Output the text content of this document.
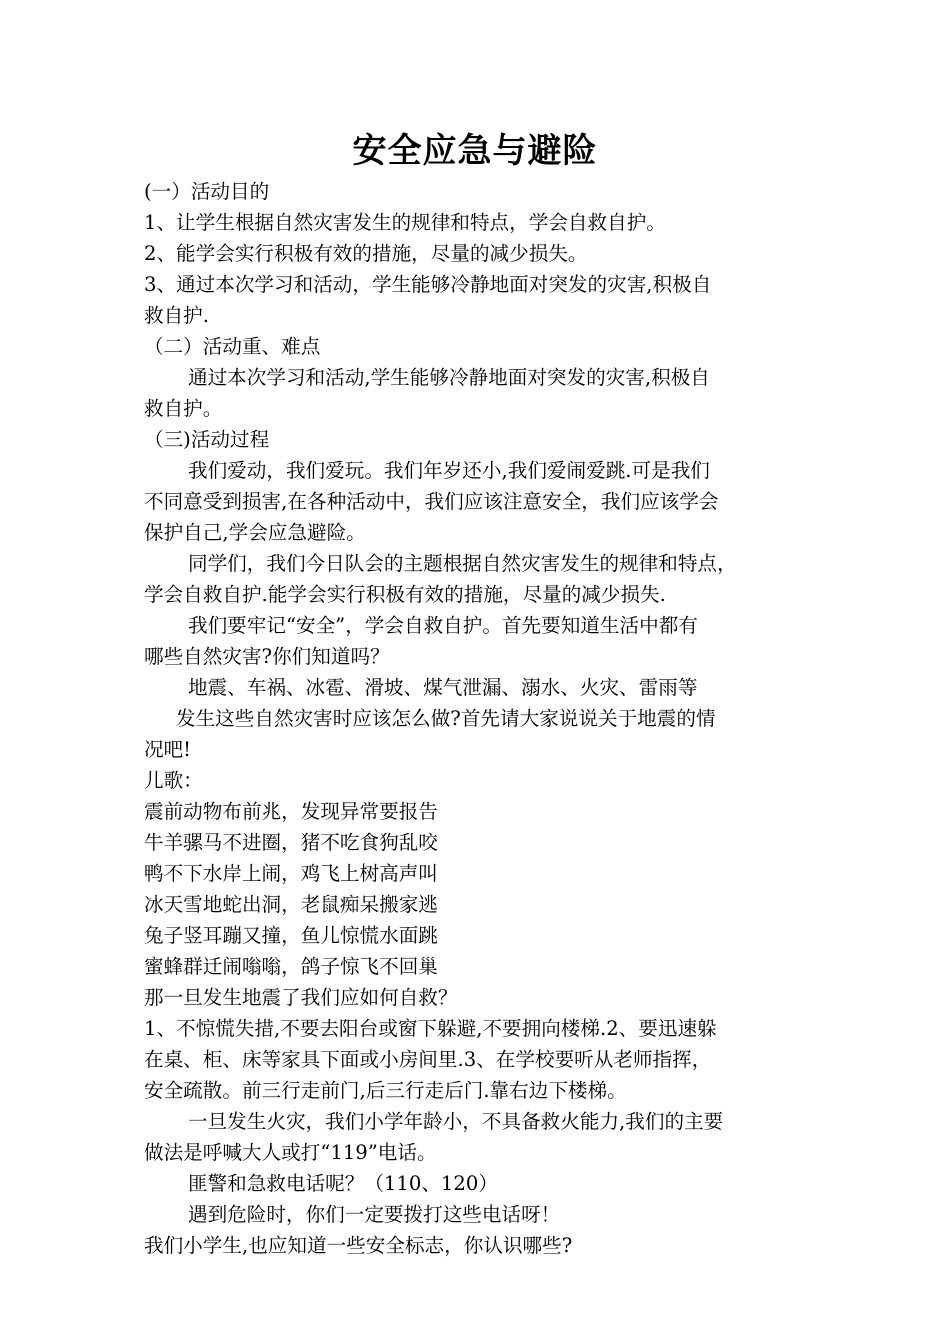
安全应急与避险
(一）活动目的
1、让学生根据自然灾害发生的规律和特点，学会自救自护。
2、能学会实行积极有效的措施，尽量的减少损失。
3、通过本次学习和活动，学生能够冷静地面对突发的灾害,积极自
救自护.
（二）活动重、难点
通过本次学习和活动,学生能够冷静地面对突发的灾害,积极自
救自护。
（三)活动过程
我们爱动，我们爱玩。我们年岁还小,我们爱闹爱跳.可是我们
不同意受到损害,在各种活动中，我们应该注意安全，我们应该学会
保护自己,学会应急避险。
同学们，我们今日队会的主题根据自然灾害发生的规律和特点，
学会自救自护.能学会实行积极有效的措施，尽量的减少损失.
我们要牢记“安全”，学会自救自护。首先要知道生活中都有
哪些自然灾害?你们知道吗？
地震、车祸、冰雹、滑坡、煤气泄漏、溺水、火灾、雷雨等
发生这些自然灾害时应该怎么做?首先请大家说说关于地震的情
况吧!
儿歌：
震前动物布前兆，发现异常要报告
牛羊骡马不进圈，猪不吃食狗乱咬
鸭不下水岸上闹，鸡飞上树高声叫
冰天雪地蛇出洞，老鼠痴呆搬家逃
兔子竖耳蹦又撞，鱼儿惊慌水面跳
蜜蜂群迁闹嗡嗡，鸽子惊飞不回巢
那一旦发生地震了我们应如何自救？
1、不惊慌失措,不要去阳台或窗下躲避,不要拥向楼梯.2、要迅速躲
在桌、柜、床等家具下面或小房间里.3、在学校要听从老师指挥，
安全疏散。前三行走前门,后三行走后门.靠右边下楼梯。
一旦发生火灾，我们小学年龄小，不具备救火能力,我们的主要
做法是呼喊大人或打“119”电话。
匪警和急救电话呢？（110、120）
遇到危险时，你们一定要拨打这些电话呀！
我们小学生,也应知道一些安全标志，你认识哪些?
